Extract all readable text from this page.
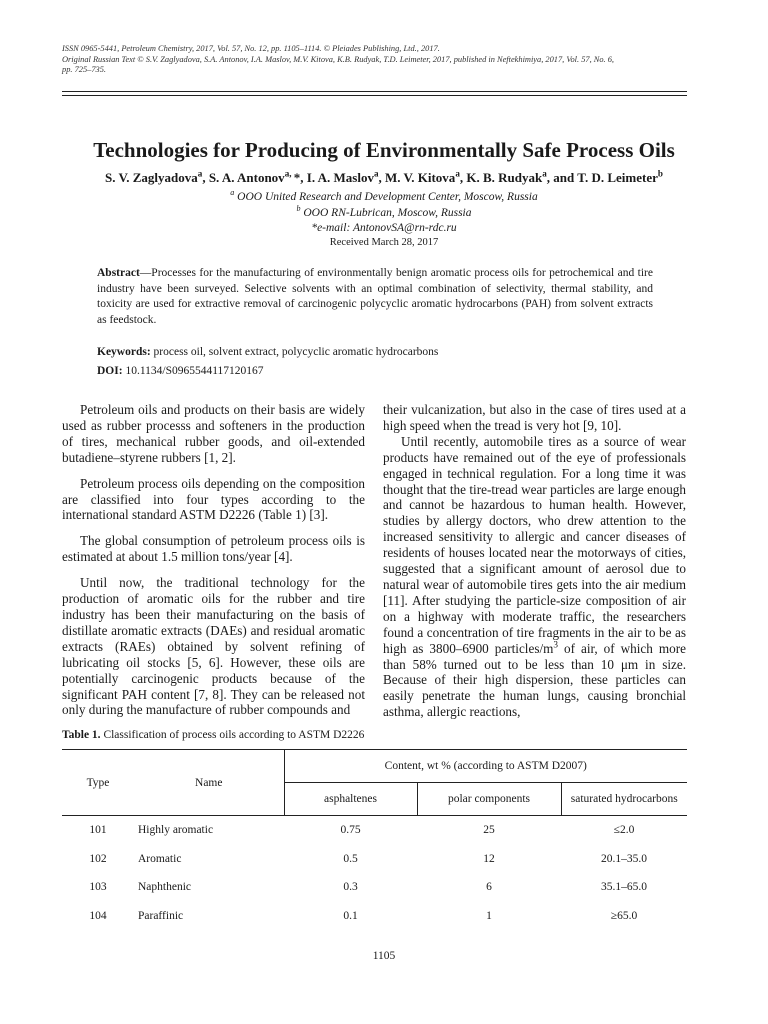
ISSN 0965-5441, Petroleum Chemistry, 2017, Vol. 57, No. 12, pp. 1105–1114. © Pleiades Publishing, Ltd., 2017.
Original Russian Text © S.V. Zaglyadova, S.A. Antonov, I.A. Maslov, M.V. Kitova, K.B. Rudyak, T.D. Leimeter, 2017, published in Neftekhimiya, 2017, Vol. 57, No. 6,
pp. 725–735.
Technologies for Producing of Environmentally Safe Process Oils
S. V. Zaglyadova$^a$, S. A. Antonov$^{a,}$ *, I. A. Maslov$^a$, M. V. Kitova$^a$, K. B. Rudyak$^a$, and T. D. Leimeter$^b$
$^a$ OOO United Research and Development Center, Moscow, Russia
$^b$ OOO RN-Lubrican, Moscow, Russia
*e-mail: AntonovSA@rn-rdc.ru
Received March 28, 2017
Abstract—Processes for the manufacturing of environmentally benign aromatic process oils for petrochemical and tire industry have been surveyed. Selective solvents with an optimal combination of selectivity, thermal stability, and toxicity are used for extractive removal of carcinogenic polycyclic aromatic hydrocarbons (PAH) from solvent extracts as feedstock.
Keywords: process oil, solvent extract, polycyclic aromatic hydrocarbons
DOI: 10.1134/S0965544117120167

Petroleum oils and products on their basis are widely used as rubber processs and softeners in the production of tires, mechanical rubber goods, and oil-extended butadiene–styrene rubbers [1, 2].

Petroleum process oils depending on the composition are classified into four types according to the international standard ASTM D2226 (Table 1) [3].

The global consumption of petroleum process oils is estimated at about 1.5 million tons/year [4].

Until now, the traditional technology for the production of aromatic oils for the rubber and tire industry has been their manufacturing on the basis of distillate aromatic extracts (DAEs) and residual aromatic extracts (RAEs) obtained by solvent refining of lubricating oil stocks [5, 6]. However, these oils are potentially carcinogenic products because of the significant PAH content [7, 8]. They can be released not only during the manufacture of rubber compounds and

their vulcanization, but also in the case of tires used at a high speed when the tread is very hot [9, 10].

Until recently, automobile tires as a source of wear products have remained out of the eye of professionals engaged in technical regulation. For a long time it was thought that the tire-tread wear particles are large enough and cannot be hazardous to human health. However, studies by allergy doctors, who drew attention to the increased sensitivity to allergic and cancer diseases of residents of houses located near the motorways of cities, suggested that a significant amount of aerosol due to natural wear of automobile tires gets into the air medium [11]. After studying the particle-size composition of air on a highway with moderate traffic, the researchers found a concentration of tire fragments in the air to be as high as 3800–6900 particles/$m^3$ of air, of which more than 58% turned out to be less than 10 μm in size. Because of their high dispersion, these particles can easily penetrate the human lungs, causing bronchial asthma, allergic reactions,

Table 1. Classification of process oils according to ASTM D2226
Type	Name	Content, wt % (according to ASTM D2007)		
		asphaltenes	polar components	saturated hydrocarbons
101	Highly aromatic	0.75	25	≤2.0
102	Aromatic	0.5	12	20.1–35.0
103	Naphthenic	0.3	6	35.1–65.0
104	Paraffinic	0.1	1	≥65.0
1105
